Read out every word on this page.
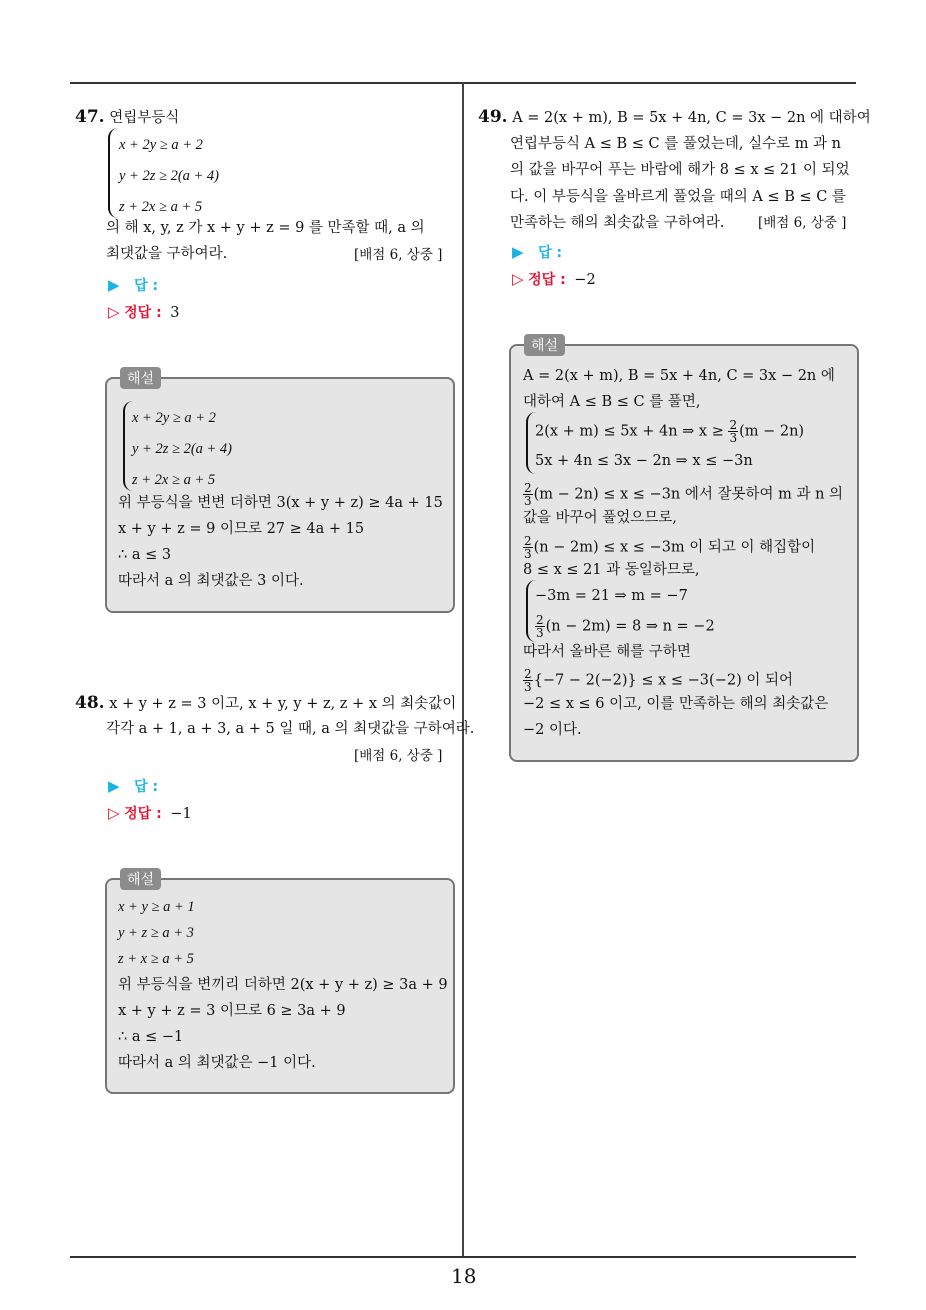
18
47. 연립부등식
x + 2y ≥ a + 2
y + 2z ≥ 2(a + 4)
z + 2x ≥ a + 5
의 해 x, y, z 가 x + y + z = 9 를 만족할 때, a 의
최댓값을 구하여라.	[배점 6, 상중 ]
▶ 답 :
▷ 정답 : 3
해설
x + 2y ≥ a + 2
y + 2z ≥ 2(a + 4)
z + 2x ≥ a + 5
위 부등식을 변변 더하면 3(x + y + z) ≥ 4a + 15
x + y + z = 9 이므로 27 ≥ 4a + 15
∴ a ≤ 3
따라서 a 의 최댓값은 3 이다.
48. x + y + z = 3 이고, x + y, y + z, z + x 의 최솟값이
각각 a + 1, a + 3, a + 5 일 때, a 의 최댓값을 구하여라.
[배점 6, 상중 ]
▶ 답 :
▷ 정답 : −1
해설
x + y ≥ a + 1
y + z ≥ a + 3
z + x ≥ a + 5
위 부등식을 변끼리 더하면 2(x + y + z) ≥ 3a + 9
x + y + z = 3 이므로 6 ≥ 3a + 9
∴ a ≤ −1
따라서 a 의 최댓값은 −1 이다.
49. A = 2(x + m), B = 5x + 4n, C = 3x − 2n 에 대하여
연립부등식 A ≤ B ≤ C 를 풀었는데, 실수로 m 과 n
의 값을 바꾸어 푸는 바람에 해가 8 ≤ x ≤ 21 이 되었
다. 이 부등식을 올바르게 풀었을 때의 A ≤ B ≤ C 를
만족하는 해의 최솟값을 구하여라. [배점 6, 상중 ]
▶ 답 :
▷ 정답 : −2
해설
A = 2(x + m), B = 5x + 4n, C = 3x − 2n 에
대하여 A ≤ B ≤ C 를 풀면,
2(x + m) ≤ 5x + 4n ⇒ $x \ge \frac{2}{3} (m - 2n)$
5x + 4n ≤ 3x − 2n ⇒ x ≤ −3n
$\frac{2}{3} (m - 2n) \le x \le -3n$ 에서 잘못하여 m 과 n 의
값을 바꾸어 풀었으므로,
$\frac{2}{3} (n - 2m) \le x \le -3m$ 이 되고 이 해집합이
8 ≤ x ≤ 21 과 동일하므로,
−3m = 21 ⇒ m = −7
$\frac{2}{3} (n - 2m) = 8$ ⇒ n = −2
따라서 올바른 해를 구하면
$\frac{2}{3} \{-7 - 2(-2)\} \le x \le -3(-2)$ 이 되어
−2 ≤ x ≤ 6 이고, 이를 만족하는 해의 최솟값은
−2 이다.
